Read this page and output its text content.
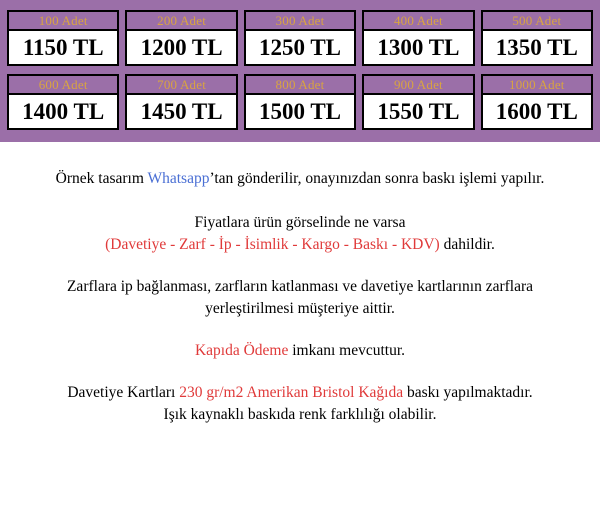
100 Adet
1150 TL
200 Adet
1200 TL
300 Adet
1250 TL
400 Adet
1300 TL
500 Adet
1350 TL
600 Adet
1400 TL
700 Adet
1450 TL
800 Adet
1500 TL
900 Adet
1550 TL
1000 Adet
1600 TL

Örnek tasarım Whatsapp’tan gönderilir, onayınızdan sonra baskı işlemi yapılır.

Fiyatlara ürün görselinde ne varsa
(Davetiye - Zarf - İp - İsimlik - Kargo - Baskı - KDV) dahildir.

Zarflara ip bağlanması, zarfların katlanması ve davetiye kartlarının zarflara
yerleştirilmesi müşteriye aittir.

Kapıda Ödeme imkanı mevcuttur.

Davetiye Kartları 230 gr/m2 Amerikan Bristol Kağıda baskı yapılmaktadır.
Işık kaynaklı baskıda renk farklılığı olabilir.
